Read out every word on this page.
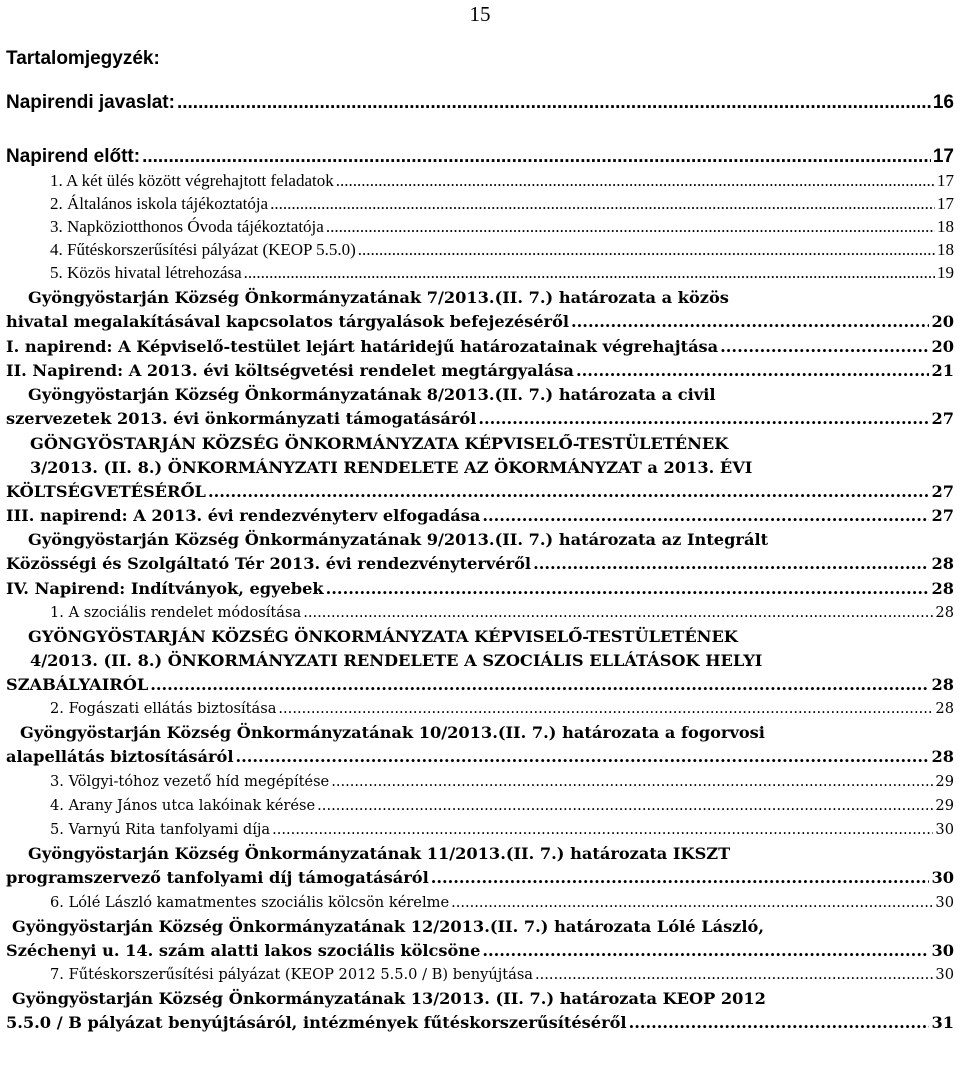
15
Tartalomjegyzék:
Napirendi javaslat: .....	16
Napirend előtt: .....	17
1. A két ülés között végrehajtott feladatok .....	17
2. Általános iskola tájékoztatója .....	17
3. Napköziotthonos Óvoda tájékoztatója .....	18
4. Fűtéskorszerűsítési pályázat (KEOP 5.5.0) .....	18
5. Közös hivatal létrehozása .....	19
Gyöngyöstarján Község Önkormányzatának 7/2013.(II. 7.) határozata a közös
hivatal megalakításával kapcsolatos tárgyalások befejezéséről .....	20
I. napirend: A Képviselő-testület lejárt határidejű határozatainak végrehajtása .....	20
II. Napirend: A 2013. évi költségvetési rendelet megtárgyalása .....	21
Gyöngyöstarján Község Önkormányzatának 8/2013.(II. 7.) határozata a civil
szervezetek 2013. évi önkormányzati támogatásáról .....	27
GÖNGYÖSTARJÁN KÖZSÉG ÖNKORMÁNYZATA KÉPVISELŐ-TESTÜLETÉNEK
3/2013. (II. 8.) ÖNKORMÁNYZATI RENDELETE AZ ÖKORMÁNYZAT a 2013. ÉVI
KÖLTSÉGVETÉSÉRŐL .....	27
III. napirend: A 2013. évi rendezvényterv elfogadása .....	27
Gyöngyöstarján Község Önkormányzatának 9/2013.(II. 7.) határozata az Integrált
Közösségi és Szolgáltató Tér 2013. évi rendezvénytervéről .....	28
IV. Napirend: Indítványok, egyebek .....	28
1. A szociális rendelet módosítása .....	28
GYÖNGYÖSTARJÁN KÖZSÉG ÖNKORMÁNYZATA KÉPVISELŐ-TESTÜLETÉNEK
4/2013. (II. 8.) ÖNKORMÁNYZATI RENDELETE A SZOCIÁLIS ELLÁTÁSOK HELYI
SZABÁLYAIRÓL .....	28
2. Fogászati ellátás biztosítása .....	28
Gyöngyöstarján Község Önkormányzatának 10/2013.(II. 7.) határozata a fogorvosi
alapellátás biztosításáról .....	28
3. Völgyi-tóhoz vezető híd megépítése .....	29
4. Arany János utca lakóinak kérése .....	29
5. Varnyú Rita tanfolyami díja .....	30
Gyöngyöstarján Község Önkormányzatának 11/2013.(II. 7.) határozata IKSZT
programszervező tanfolyami díj támogatásáról .....	30
6. Lólé László kamatmentes szociális kölcsön kérelme .....	30
Gyöngyöstarján Község Önkormányzatának 12/2013.(II. 7.) határozata Lólé László,
Széchenyi u. 14. szám alatti lakos szociális kölcsöne .....	30
7. Fűtéskorszerűsítési pályázat (KEOP 2012 5.5.0 / B) benyújtása .....	30
Gyöngyöstarján Község Önkormányzatának 13/2013. (II. 7.) határozata KEOP 2012
5.5.0 / B pályázat benyújtásáról, intézmények fűtéskorszerűsítéséről .....	31
